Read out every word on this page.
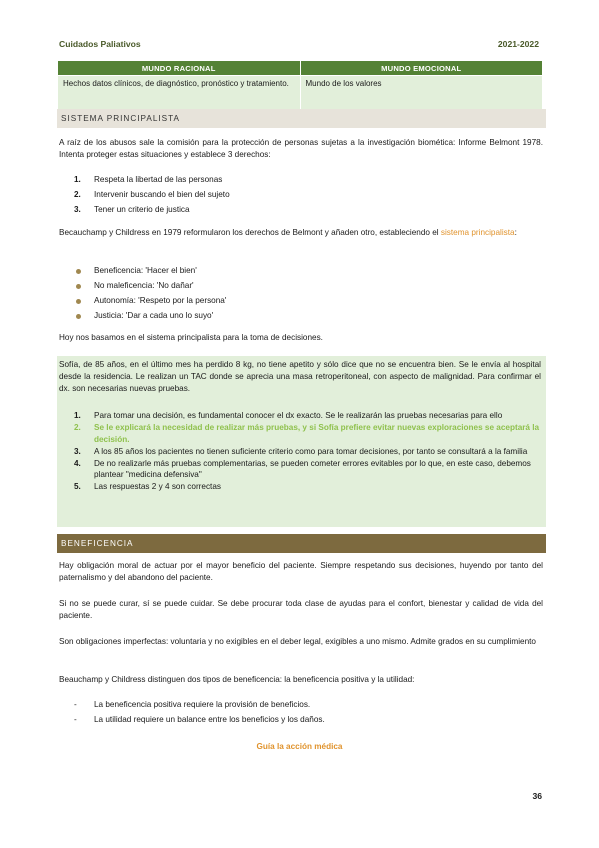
Cuidados Paliativos	2021-2022
MUNDO RACIONAL	MUNDO EMOCIONAL
Hechos datos clínicos, de diagnóstico, pronóstico y tratamiento.	Mundo de los valores
SISTEMA PRINCIPALISTA
A raíz de los abusos sale la comisión para la protección de personas sujetas a la investigación biomética: Informe Belmont 1978. Intenta proteger estas situaciones y establece 3 derechos:
1. Respeta la libertad de las personas
2. Intervenir buscando el bien del sujeto
3. Tener un criterio de justica
Becauchamp y Childress en 1979 reformularon los derechos de Belmont y añaden otro, estableciendo el sistema principalista:
Beneficencia: 'Hacer el bien'
No maleficencia: 'No dañar'
Autonomía: 'Respeto por la persona'
Justicia: 'Dar a cada uno lo suyo'
Hoy nos basamos en el sistema principalista para la toma de decisiones.
Sofía, de 85 años, en el último mes ha perdido 8 kg, no tiene apetito y sólo dice que no se encuentra bien. Se le envía al hospital desde la residencia. Le realizan un TAC donde se aprecia una masa retroperitoneal, con aspecto de malignidad. Para confirmar el dx. son necesarias nuevas pruebas.
1. Para tomar una decisión, es fundamental conocer el dx exacto. Se le realizarán las pruebas necesarias para ello
2. Se le explicará la necesidad de realizar más pruebas, y si Sofía prefiere evitar nuevas exploraciones se aceptará la decisión.
3. A los 85 años los pacientes no tienen suficiente criterio como para tomar decisiones, por tanto se consultará a la familia
4. De no realizarle más pruebas complementarias, se pueden cometer errores evitables por lo que, en este caso, debemos plantear "medicina defensiva"
5. Las respuestas 2 y 4 son correctas
BENEFICENCIA
Hay obligación moral de actuar por el mayor beneficio del paciente. Siempre respetando sus decisiones, huyendo por tanto del paternalismo y del abandono del paciente.
Si no se puede curar, sí se puede cuidar. Se debe procurar toda clase de ayudas para el confort, bienestar y calidad de vida del paciente.
Son obligaciones imperfectas: voluntaria y no exigibles en el deber legal, exigibles a uno mismo. Admite grados en su cumplimiento
Beauchamp y Childress distinguen dos tipos de beneficencia: la beneficencia positiva y la utilidad:
- La beneficencia positiva requiere la provisión de beneficios.
- La utilidad requiere un balance entre los beneficios y los daños.
Guía la acción médica
36
